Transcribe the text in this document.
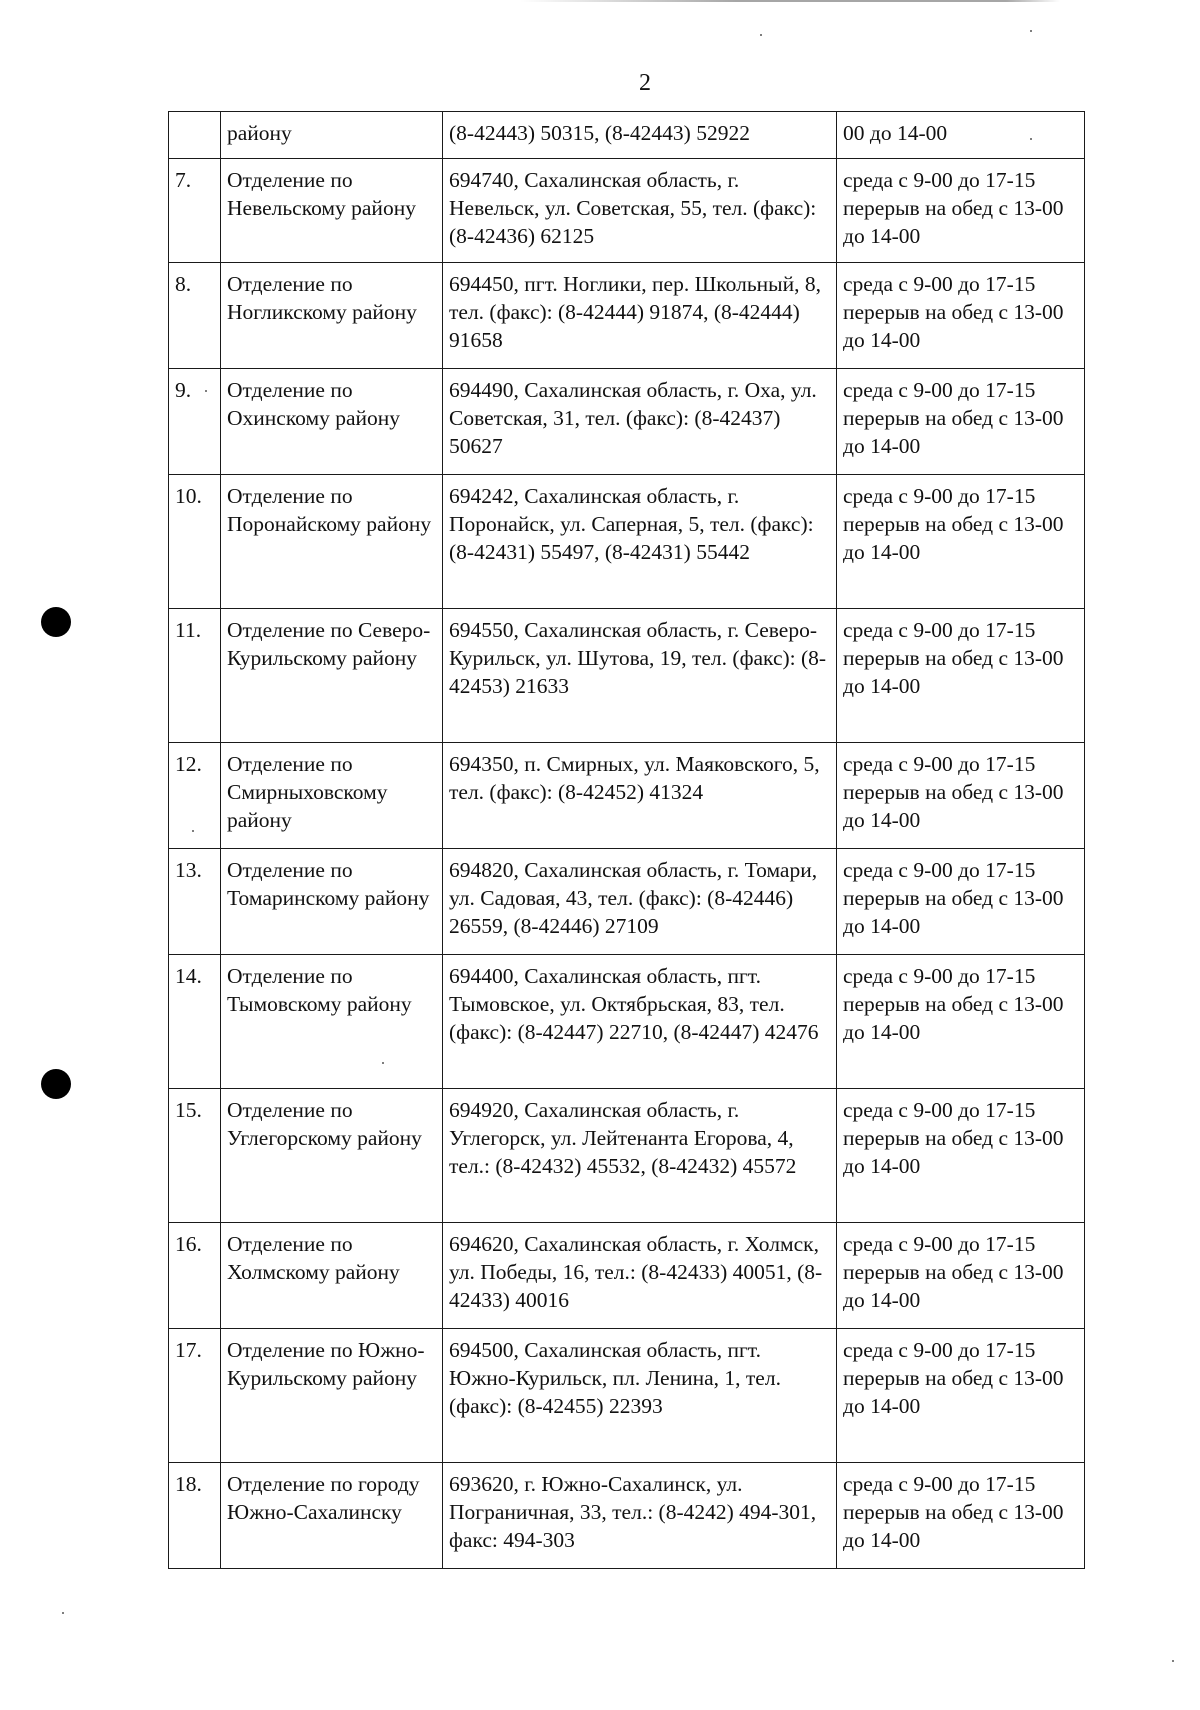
2
	району	(8-42443) 50315, (8-42443) 52922	00 до 14-00
7.	Отделение по Невельскому району	694740, Сахалинская область, г. Невельск, ул. Советская, 55, тел. (факс): (8-42436) 62125	среда с 9-00 до 17-15 перерыв на обед с 13-00 до 14-00
8.	Отделение по Ногликскому району	694450, пгт. Ноглики, пер. Школьный, 8, тел. (факс): (8-42444) 91874, (8-42444) 91658	среда с 9-00 до 17-15 перерыв на обед с 13-00 до 14-00
9.	Отделение по Охинскому району	694490, Сахалинская область, г. Оха, ул. Советская, 31, тел. (факс): (8-42437) 50627	среда с 9-00 до 17-15 перерыв на обед с 13-00 до 14-00
10.	Отделение по Поронайскому району	694242, Сахалинская область, г. Поронайск, ул. Саперная, 5, тел. (факс): (8-42431) 55497, (8-42431) 55442	среда с 9-00 до 17-15 перерыв на обед с 13-00 до 14-00
11.	Отделение по Северо-Курильскому району	694550, Сахалинская область, г. Северо-Курильск, ул. Шутова, 19, тел. (факс): (8-42453) 21633	среда с 9-00 до 17-15 перерыв на обед с 13-00 до 14-00
12.	Отделение по Смирныховскому району	694350, п. Смирных, ул. Маяковского, 5, тел. (факс): (8-42452) 41324	среда с 9-00 до 17-15 перерыв на обед с 13-00 до 14-00
13.	Отделение по Томаринскому району	694820, Сахалинская область, г. Томари, ул. Садовая, 43, тел. (факс): (8-42446) 26559, (8-42446) 27109	среда с 9-00 до 17-15 перерыв на обед с 13-00 до 14-00
14.	Отделение по Тымовскому району	694400, Сахалинская область, пгт. Тымовское, ул. Октябрьская, 83, тел. (факс): (8-42447) 22710, (8-42447) 42476	среда с 9-00 до 17-15 перерыв на обед с 13-00 до 14-00
15.	Отделение по Углегорскому району	694920, Сахалинская область, г. Углегорск, ул. Лейтенанта Егорова, 4, тел.: (8-42432) 45532, (8-42432) 45572	среда с 9-00 до 17-15 перерыв на обед с 13-00 до 14-00
16.	Отделение по Холмскому району	694620, Сахалинская область, г. Холмск, ул. Победы, 16, тел.: (8-42433) 40051, (8-42433) 40016	среда с 9-00 до 17-15 перерыв на обед с 13-00 до 14-00
17.	Отделение по Южно-Курильскому району	694500, Сахалинская область, пгт. Южно-Курильск, пл. Ленина, 1, тел. (факс): (8-42455) 22393	среда с 9-00 до 17-15 перерыв на обед с 13-00 до 14-00
18.	Отделение по городу Южно-Сахалинску	693620, г. Южно-Сахалинск, ул. Пограничная, 33, тел.: (8-4242) 494-301, факс: 494-303	среда с 9-00 до 17-15 перерыв на обед с 13-00 до 14-00
